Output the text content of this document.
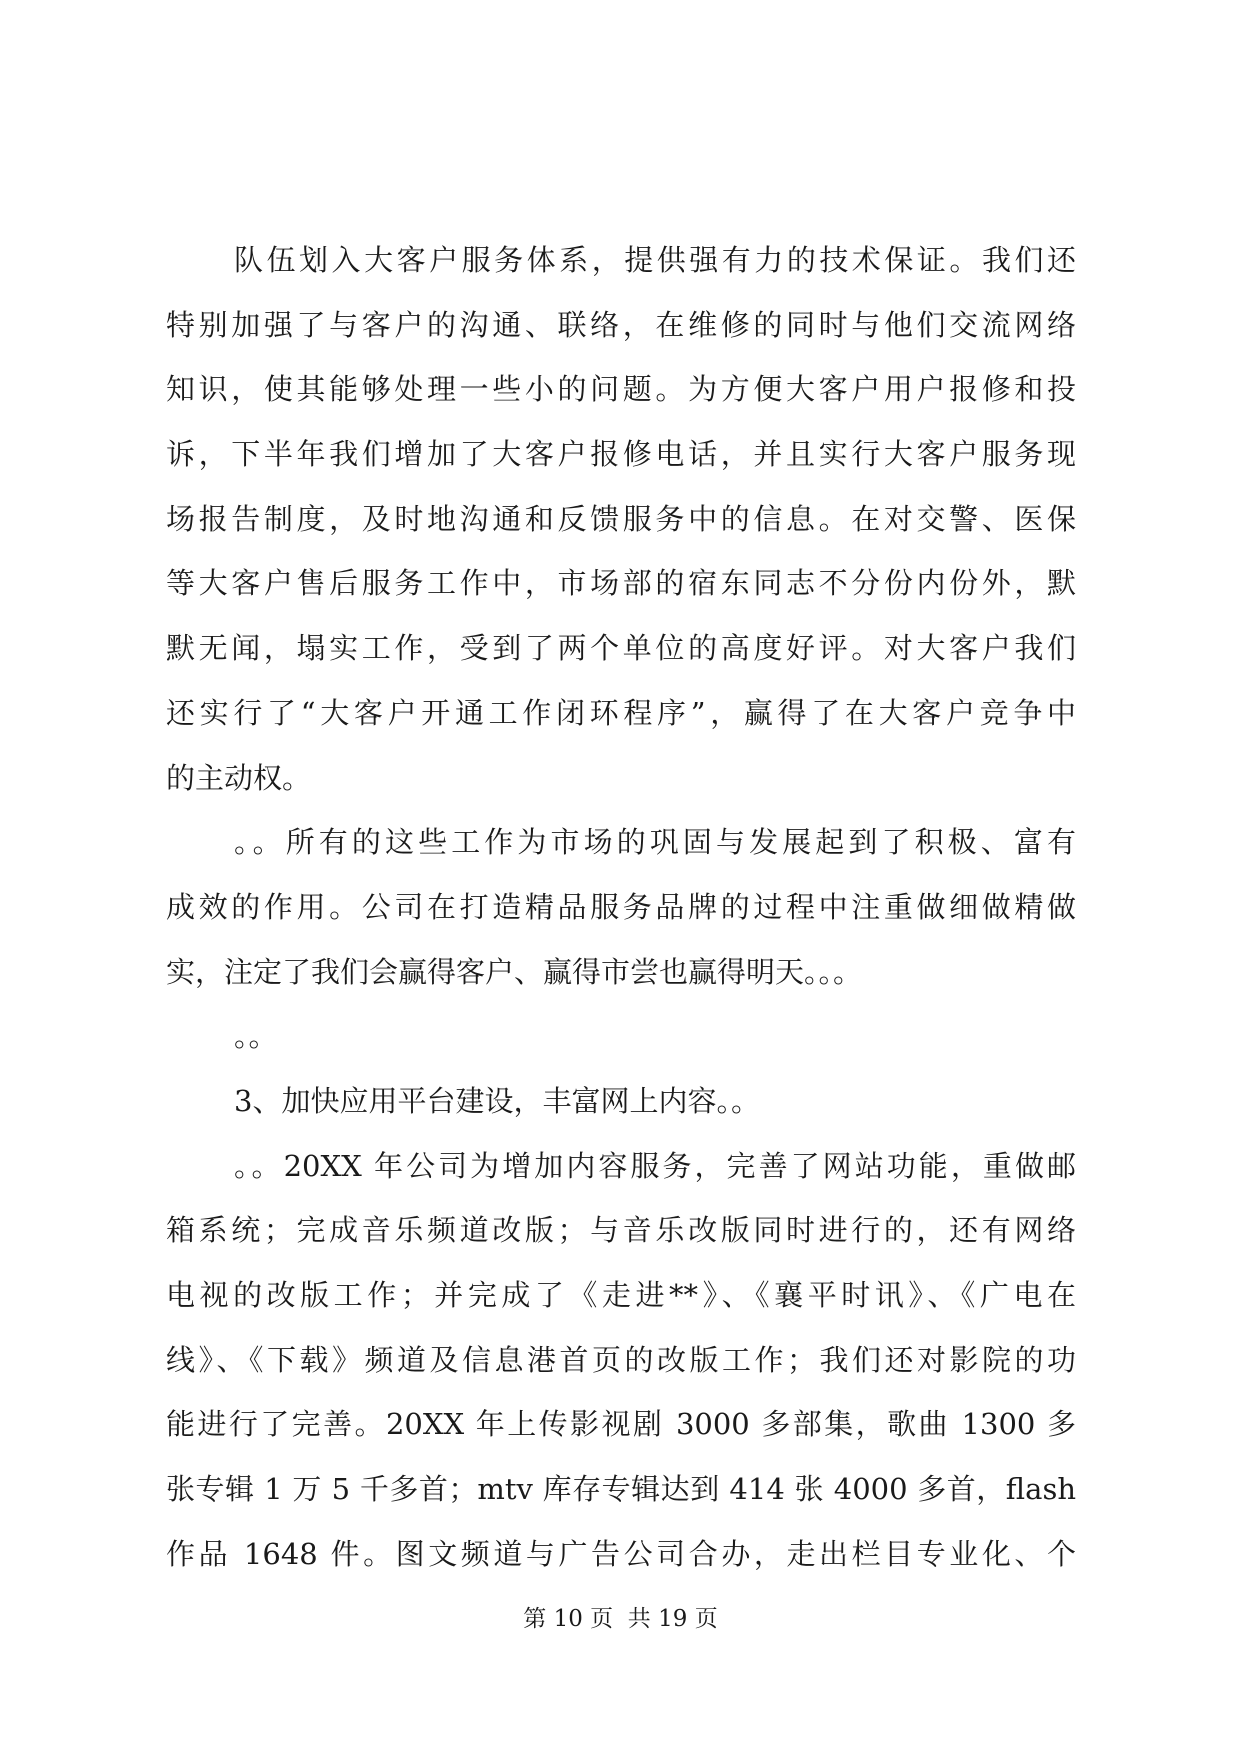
队伍划入大客户服务体系，提供强有力的技术保证。我们还
特别加强了与客户的沟通、联络，在维修的同时与他们交流网络
知识，使其能够处理一些小的问题。为方便大客户用户报修和投
诉，下半年我们增加了大客户报修电话，并且实行大客户服务现
场报告制度，及时地沟通和反馈服务中的信息。在对交警、医保
等大客户售后服务工作中，市场部的宿东同志不分份内份外，默
默无闻，塌实工作，受到了两个单位的高度好评。对大客户我们
还实行了“大客户开通工作闭环程序”，赢得了在大客户竞争中
的主动权。
。。所有的这些工作为市场的巩固与发展起到了积极、富有
成效的作用。公司在打造精品服务品牌的过程中注重做细做精做
实，注定了我们会赢得客户、赢得市尝也赢得明天。。。
。。
3、加快应用平台建设，丰富网上内容。。
。。20XX 年公司为增加内容服务，完善了网站功能，重做邮
箱系统；完成音乐频道改版；与音乐改版同时进行的，还有网络
电视的改版工作；并完成了《走进**》、《襄平时讯》、《广电在
线》、《下载》频道及信息港首页的改版工作；我们还对影院的功
能进行了完善。20XX 年上传影视剧 3000 多部集，歌曲 1300 多
张专辑 1 万 5 千多首；mtv 库存专辑达到 414 张 4000 多首，flash
作品 1648 件。图文频道与广告公司合办，走出栏目专业化、个
第 10 页  共 19 页
